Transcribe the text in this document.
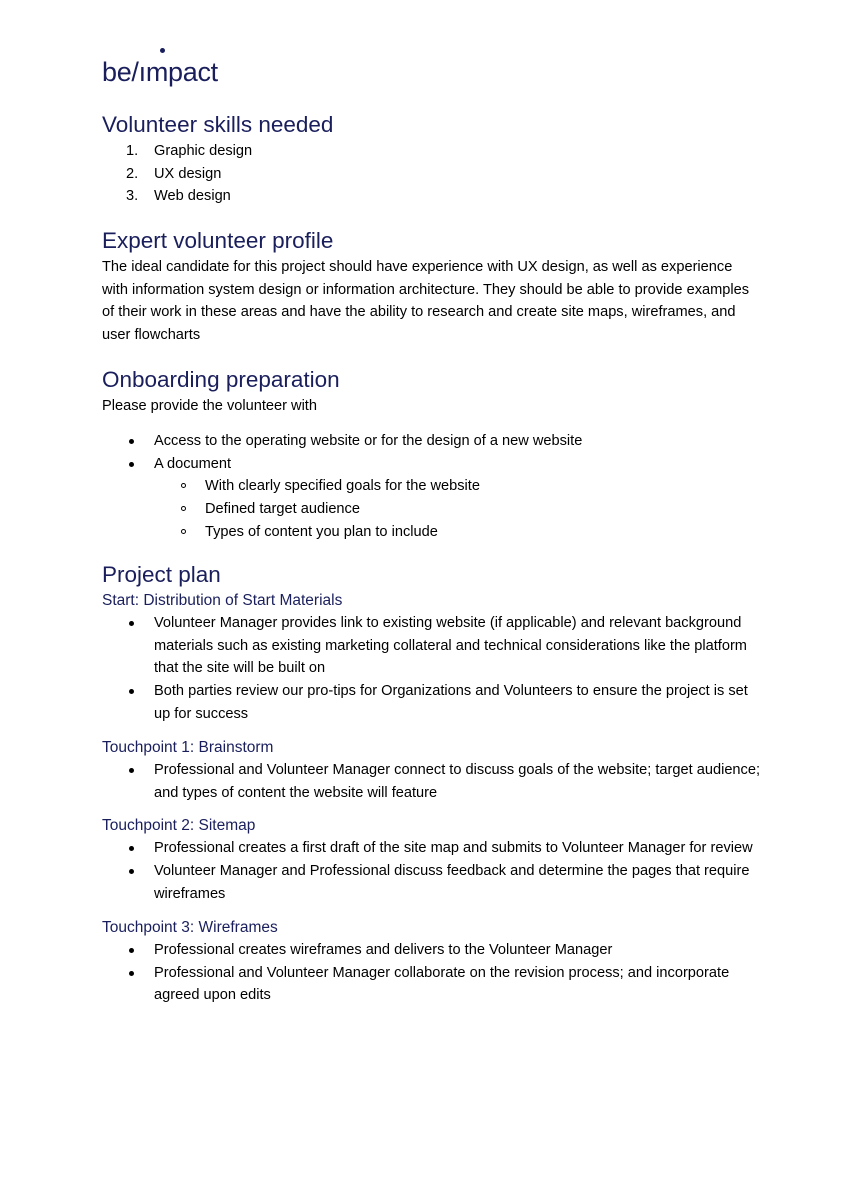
be/ımpact
Volunteer skills needed
1. Graphic design
2. UX design
3. Web design
Expert volunteer profile

The ideal candidate for this project should have experience with UX design, as well as experience with information system design or information architecture. They should be able to provide examples of their work in these areas and have the ability to research and create site maps, wireframes, and user flowcharts

Onboarding preparation

Please provide the volunteer with

Access to the operating website or for the design of a new website
A document
With clearly specified goals for the website
Defined target audience
Types of content you plan to include
Project plan
Start: Distribution of Start Materials
Volunteer Manager provides link to existing website (if applicable) and relevant background materials such as existing marketing collateral and technical considerations like the platform that the site will be built on
Both parties review our pro-tips for Organizations and Volunteers to ensure the project is set up for success
Touchpoint 1: Brainstorm
Professional and Volunteer Manager connect to discuss goals of the website; target audience; and types of content the website will feature
Touchpoint 2: Sitemap
Professional creates a first draft of the site map and submits to Volunteer Manager for review
Volunteer Manager and Professional discuss feedback and determine the pages that require wireframes
Touchpoint 3: Wireframes
Professional creates wireframes and delivers to the Volunteer Manager
Professional and Volunteer Manager collaborate on the revision process; and incorporate agreed upon edits
